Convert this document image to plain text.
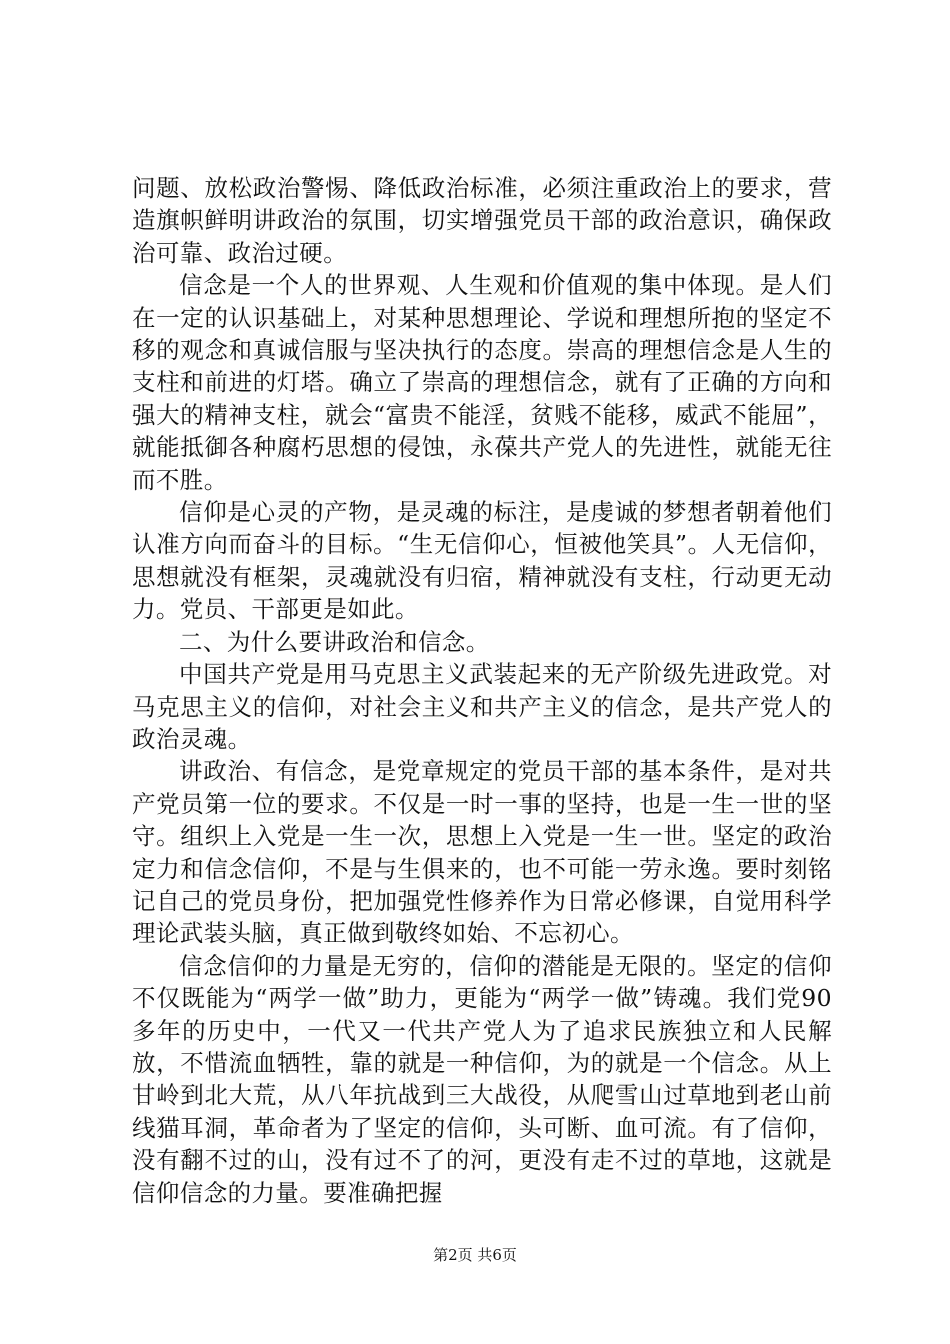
问题、放松政治警惕、降低政治标准，必须注重政治上的要求，营造旗帜鲜明讲政治的氛围，切实增强党员干部的政治意识，确保政治可靠、政治过硬。

信念是一个人的世界观、人生观和价值观的集中体现。是人们在一定的认识基础上，对某种思想理论、学说和理想所抱的坚定不移的观念和真诚信服与坚决执行的态度。崇高的理想信念是人生的支柱和前进的灯塔。确立了崇高的理想信念，就有了正确的方向和强大的精神支柱，就会“富贵不能淫，贫贱不能移，威武不能屈”，就能抵御各种腐朽思想的侵蚀，永葆共产党人的先进性，就能无往而不胜。

信仰是心灵的产物，是灵魂的标注，是虔诚的梦想者朝着他们认准方向而奋斗的目标。“生无信仰心，恒被他笑具”。人无信仰，思想就没有框架，灵魂就没有归宿，精神就没有支柱，行动更无动力。党员、干部更是如此。

二、为什么要讲政治和信念。

中国共产党是用马克思主义武装起来的无产阶级先进政党。对马克思主义的信仰，对社会主义和共产主义的信念，是共产党人的政治灵魂。

讲政治、有信念，是党章规定的党员干部的基本条件，是对共产党员第一位的要求。不仅是一时一事的坚持，也是一生一世的坚守。组织上入党是一生一次，思想上入党是一生一世。坚定的政治定力和信念信仰，不是与生俱来的，也不可能一劳永逸。要时刻铭记自己的党员身份，把加强党性修养作为日常必修课，自觉用科学理论武装头脑，真正做到敬终如始、不忘初心。

信念信仰的力量是无穷的，信仰的潜能是无限的。坚定的信仰不仅既能为“两学一做”助力，更能为“两学一做”铸魂。我们党90多年的历史中，一代又一代共产党人为了追求民族独立和人民解放，不惜流血牺牲，靠的就是一种信仰，为的就是一个信念。从上甘岭到北大荒，从八年抗战到三大战役，从爬雪山过草地到老山前线猫耳洞，革命者为了坚定的信仰，头可断、血可流。有了信仰，没有翻不过的山，没有过不了的河，更没有走不过的草地，这就是信仰信念的力量。要准确把握

第2页 共6页
